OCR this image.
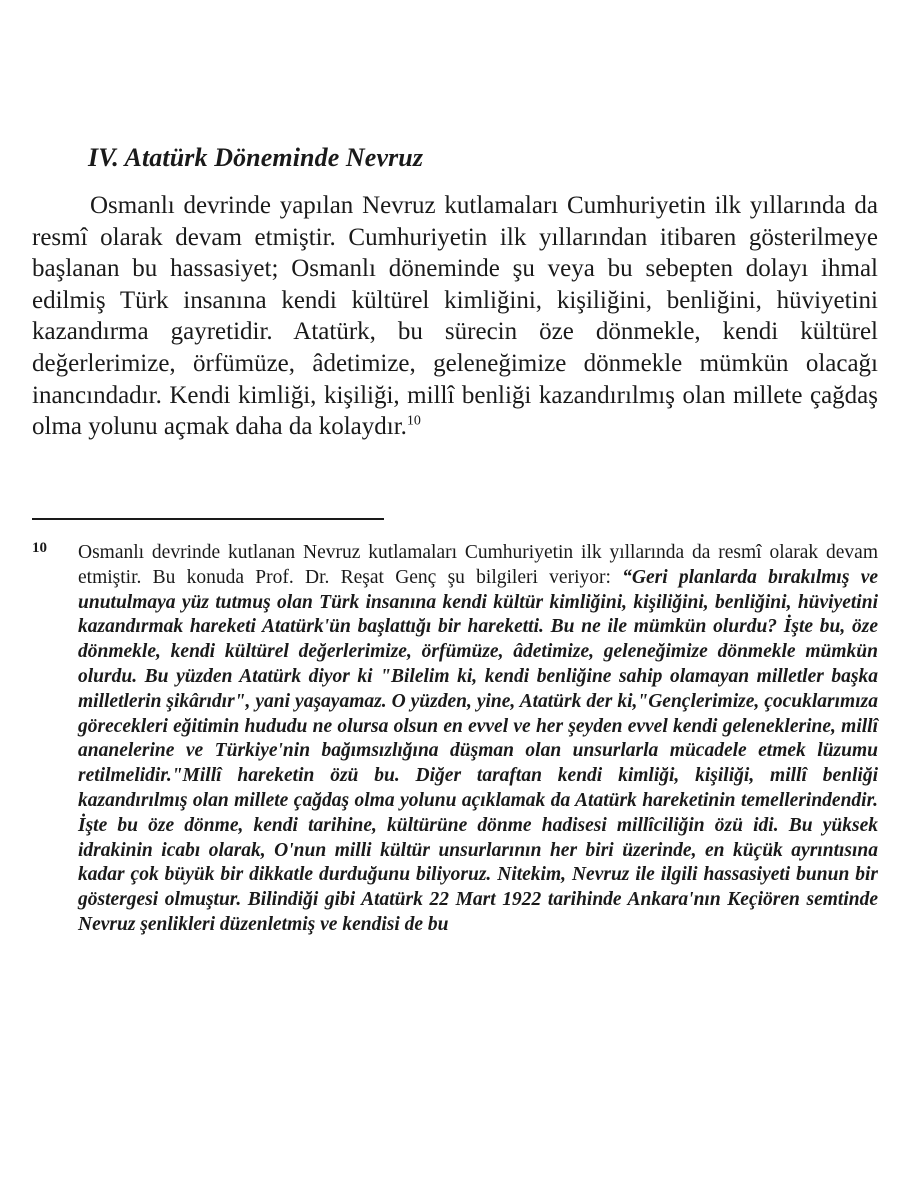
IV. Atatürk Döneminde Nevruz

Osmanlı devrinde yapılan Nevruz kutlamaları Cumhuriyetin ilk yıllarında da resmî olarak devam etmiştir. Cumhuriyetin ilk yıllarından itibaren gösterilmeye başlanan bu hassasiyet; Osmanlı döneminde şu veya bu sebepten dolayı ihmal edilmiş Türk insanına kendi kültürel kimliğini, kişiliğini, benliğini, hüviyetini kazandırma gayretidir. Atatürk, bu sürecin öze dönmekle, kendi kültürel değerlerimize, örfümüze, âdetimize, geleneğimize dönmekle mümkün olacağı inancındadır. Kendi kimliği, kişiliği, millî benliği kazandırılmış olan millete çağdaş olma yolunu açmak daha da kolaydır.$^{10}$

10 Osmanlı devrinde kutlanan Nevruz kutlamaları Cumhuriyetin ilk yıllarında da resmî olarak devam etmiştir. Bu konuda Prof. Dr. Reşat Genç şu bilgileri veriyor: “Geri planlarda bırakılmış ve unutulmaya yüz tutmuş olan Türk insanına kendi kültür kimliğini, kişiliğini, benliğini, hüviyetini kazandırmak hareketi Atatürk'ün başlattığı bir hareketti. Bu ne ile mümkün olurdu? İşte bu, öze dönmekle, kendi kültürel değerlerimize, örfümüze, âdetimize, geleneğimize dönmekle mümkün olurdu. Bu yüzden Atatürk diyor ki "Bilelim ki, kendi benliğine sahip olamayan milletler başka milletlerin şikârıdır", yani yaşayamaz. O yüzden, yine, Atatürk der ki,"Gençlerimize, çocuklarımıza görecekleri eğitimin hududu ne olursa olsun en evvel ve her şeyden evvel kendi geleneklerine, millî ananelerine ve Türkiye'nin bağımsızlığına düşman olan unsurlarla mücadele etmek lüzumu retilmelidir."Millî hareketin özü bu. Diğer taraftan kendi kimliği, kişiliği, millî benliği kazandırılmış olan millete çağdaş olma yolunu açıklamak da Atatürk hareketinin temellerindendir. İşte bu öze dönme, kendi tarihine, kültürüne dönme hadisesi millîciliğin özü idi. Bu yüksek idrakinin icabı olarak, O'nun milli kültür unsurlarının her biri üzerinde, en küçük ayrıntısına kadar çok büyük bir dikkatle durduğunu biliyoruz. Nitekim, Nevruz ile ilgili hassasiyeti bunun bir göstergesi olmuştur. Bilindiği gibi Atatürk 22 Mart 1922 tarihinde Ankara'nın Keçiören semtinde Nevruz şenlikleri düzenletmiş ve kendisi de bu
